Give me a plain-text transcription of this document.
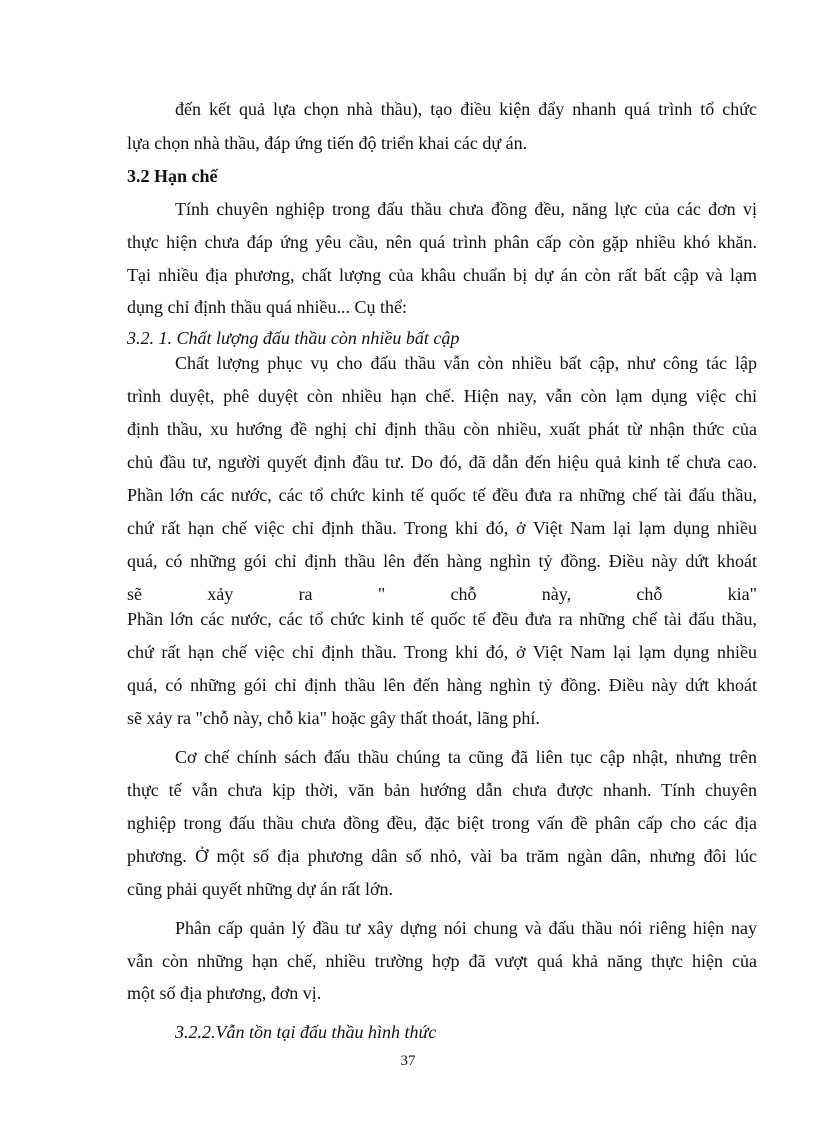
đến kết quả lựa chọn nhà thầu), tạo điều kiện đẩy nhanh quá trình tổ chức

lựa chọn nhà thầu, đáp ứng tiến độ triển khai các dự án.

3.2 Hạn chế

Tính chuyên nghiệp trong đấu thầu chưa đồng đều, năng lực của các đơn vị

thực hiện chưa đáp ứng yêu cầu, nên quá trình phân cấp còn gặp nhiều khó khăn.

Tại nhiều địa phương, chất lượng của khâu chuẩn bị dự án còn rất bất cập và lạm

dụng chỉ định thầu quá nhiều... Cụ thể:

3.2. 1. Chất lượng đấu thầu còn nhiều bất cập

Chất lượng phục vụ cho đấu thầu vẫn còn nhiều bất cập, như công tác lập

trình duyệt, phê duyệt còn nhiều hạn chế. Hiện nay, vẫn còn lạm dụng việc chỉ

định thầu, xu hướng đề nghị chỉ định thầu còn nhiều, xuất phát từ nhận thức của

chủ đầu tư, người quyết định đầu tư. Do đó, đã dẫn đến hiệu quả kinh tế chưa cao.

Phần lớn các nước, các tổ chức kinh tế quốc tế đều đưa ra những chế tài đấu thầu,

chứ rất hạn chế việc chỉ định thầu. Trong khi đó, ở Việt Nam lại lạm dụng nhiều

quá, có những gói chỉ định thầu lên đến hàng nghìn tỷ đồng. Điều này dứt khoát

sẽ xảy ra " chỗ này, chỗ kia"

Phần lớn các nước, các tổ chức kinh tế quốc tế đều đưa ra những chế tài đấu thầu,

chứ rất hạn chế việc chỉ định thầu. Trong khi đó, ở Việt Nam lại lạm dụng nhiều

quá, có những gói chỉ định thầu lên đến hàng nghìn tỷ đồng. Điều này dứt khoát

sẽ xảy ra "chỗ này, chỗ kia" hoặc gây thất thoát, lãng phí.

Cơ chế chính sách đấu thầu chúng ta cũng đã liên tục cập nhật, nhưng trên

thực tế vẫn chưa kịp thời, văn bản hướng dẫn chưa được nhanh. Tính chuyên

nghiệp trong đấu thầu chưa đồng đều, đặc biệt trong vấn đề phân cấp cho các địa

phương. Ở một số địa phương dân số nhỏ, vài ba trăm ngàn dân, nhưng đôi lúc

cũng phải quyết những dự án rất lớn.

Phân cấp quản lý đầu tư xây dựng nói chung và đấu thầu nói riêng hiện nay

vẫn còn những hạn chế, nhiều trường hợp đã vượt quá khả năng thực hiện của

một số địa phương, đơn vị.

3.2.2.Vẫn tồn tại đấu thầu hình thức

37
